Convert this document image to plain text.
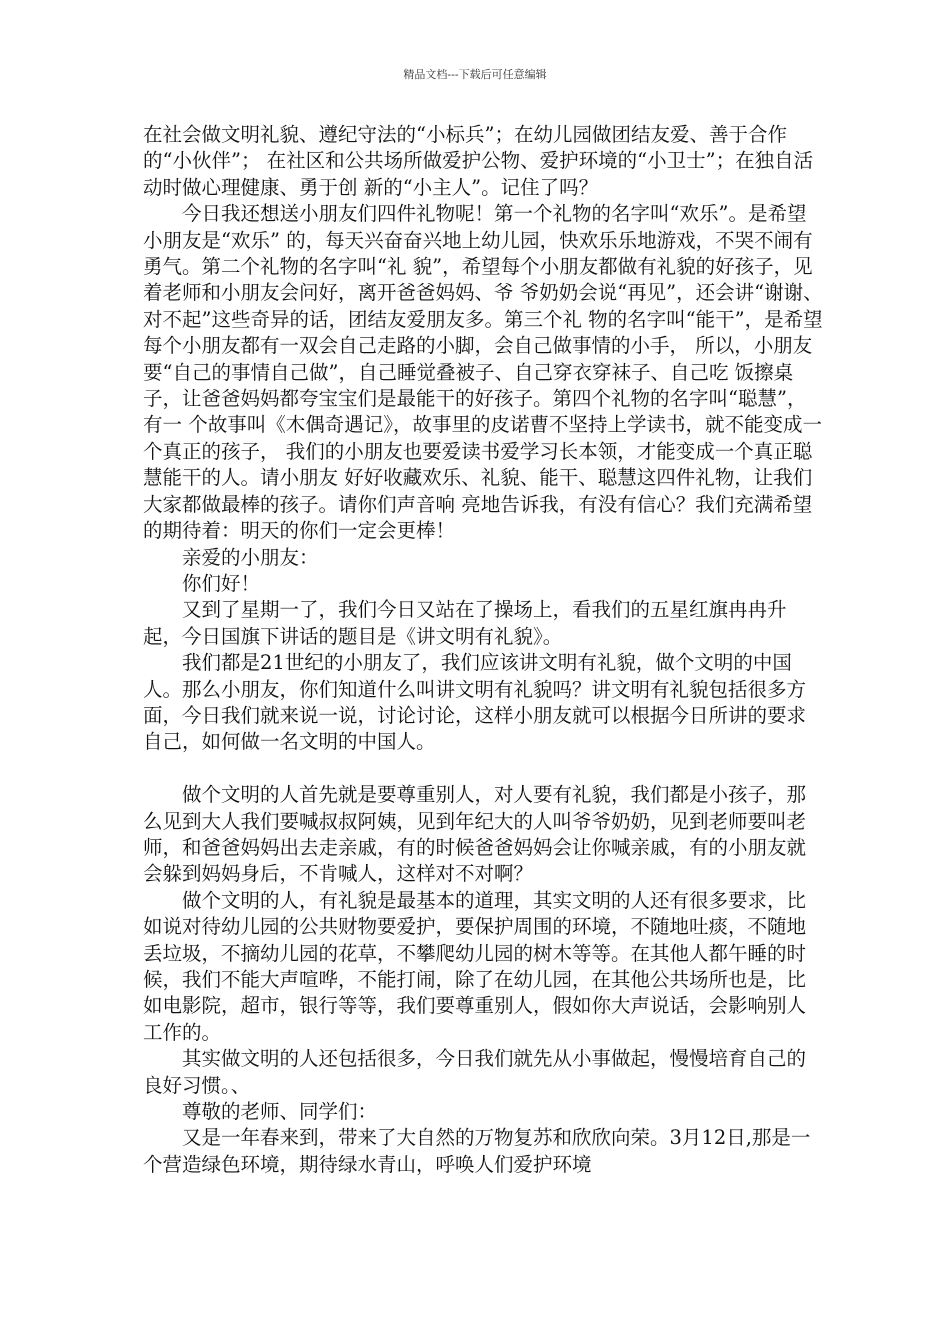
精品文档---下载后可任意编辑

在社会做文明礼貌、遵纪守法的“小标兵”；在幼儿园做团结友爱、善于合作的“小伙伴”； 在社区和公共场所做爱护公物、爱护环境的“小卫士”；在独自活动时做心理健康、勇于创 新的“小主人”。记住了吗？

今日我还想送小朋友们四件礼物呢！第一个礼物的名字叫“欢乐”。是希望小朋友是“欢乐” 的，每天兴奋奋兴地上幼儿园，快欢乐乐地游戏，不哭不闹有勇气。第二个礼物的名字叫“礼 貌”，希望每个小朋友都做有礼貌的好孩子，见着老师和小朋友会问好，离开爸爸妈妈、爷 爷奶奶会说“再见”，还会讲“谢谢、对不起”这些奇异的话，团结友爱朋友多。第三个礼 物的名字叫“能干”，是希望每个小朋友都有一双会自己走路的小脚，会自己做事情的小手， 所以，小朋友要“自己的事情自己做”，自己睡觉叠被子、自己穿衣穿袜子、自己吃 饭擦桌子，让爸爸妈妈都夸宝宝们是最能干的好孩子。第四个礼物的名字叫“聪慧”，有一 个故事叫《木偶奇遇记》，故事里的皮诺曹不坚持上学读书，就不能变成一个真正的孩子， 我们的小朋友也要爱读书爱学习长本领，才能变成一个真正聪慧能干的人。请小朋友 好好收藏欢乐、礼貌、能干、聪慧这四件礼物，让我们大家都做最棒的孩子。请你们声音响 亮地告诉我，有没有信心？我们充满希望的期待着：明天的你们一定会更棒！

亲爱的小朋友：

你们好！

又到了星期一了，我们今日又站在了操场上，看我们的五星红旗冉冉升起，今日国旗下讲话的题目是《讲文明有礼貌》。

我们都是21世纪的小朋友了，我们应该讲文明有礼貌，做个文明的中国人。那么小朋友，你们知道什么叫讲文明有礼貌吗？讲文明有礼貌包括很多方面，今日我们就来说一说，讨论讨论，这样小朋友就可以根据今日所讲的要求自己，如何做一名文明的中国人。

做个文明的人首先就是要尊重别人，对人要有礼貌，我们都是小孩子，那么见到大人我们要喊叔叔阿姨，见到年纪大的人叫爷爷奶奶，见到老师要叫老师，和爸爸妈妈出去走亲戚，有的时候爸爸妈妈会让你喊亲戚，有的小朋友就会躲到妈妈身后，不肯喊人，这样对不对啊？

做个文明的人，有礼貌是最基本的道理，其实文明的人还有很多要求，比如说对待幼儿园的公共财物要爱护，要保护周围的环境，不随地吐痰，不随地丢垃圾，不摘幼儿园的花草，不攀爬幼儿园的树木等等。在其他人都午睡的时候，我们不能大声喧哗，不能打闹，除了在幼儿园，在其他公共场所也是，比如电影院，超市，银行等等，我们要尊重别人，假如你大声说话，会影响别人工作的。

其实做文明的人还包括很多，今日我们就先从小事做起，慢慢培育自己的良好习惯。、

尊敬的老师、同学们：

又是一年春来到，带来了大自然的万物复苏和欣欣向荣。3月12日,那是一个营造绿色环境，期待绿水青山，呼唤人们爱护环境
